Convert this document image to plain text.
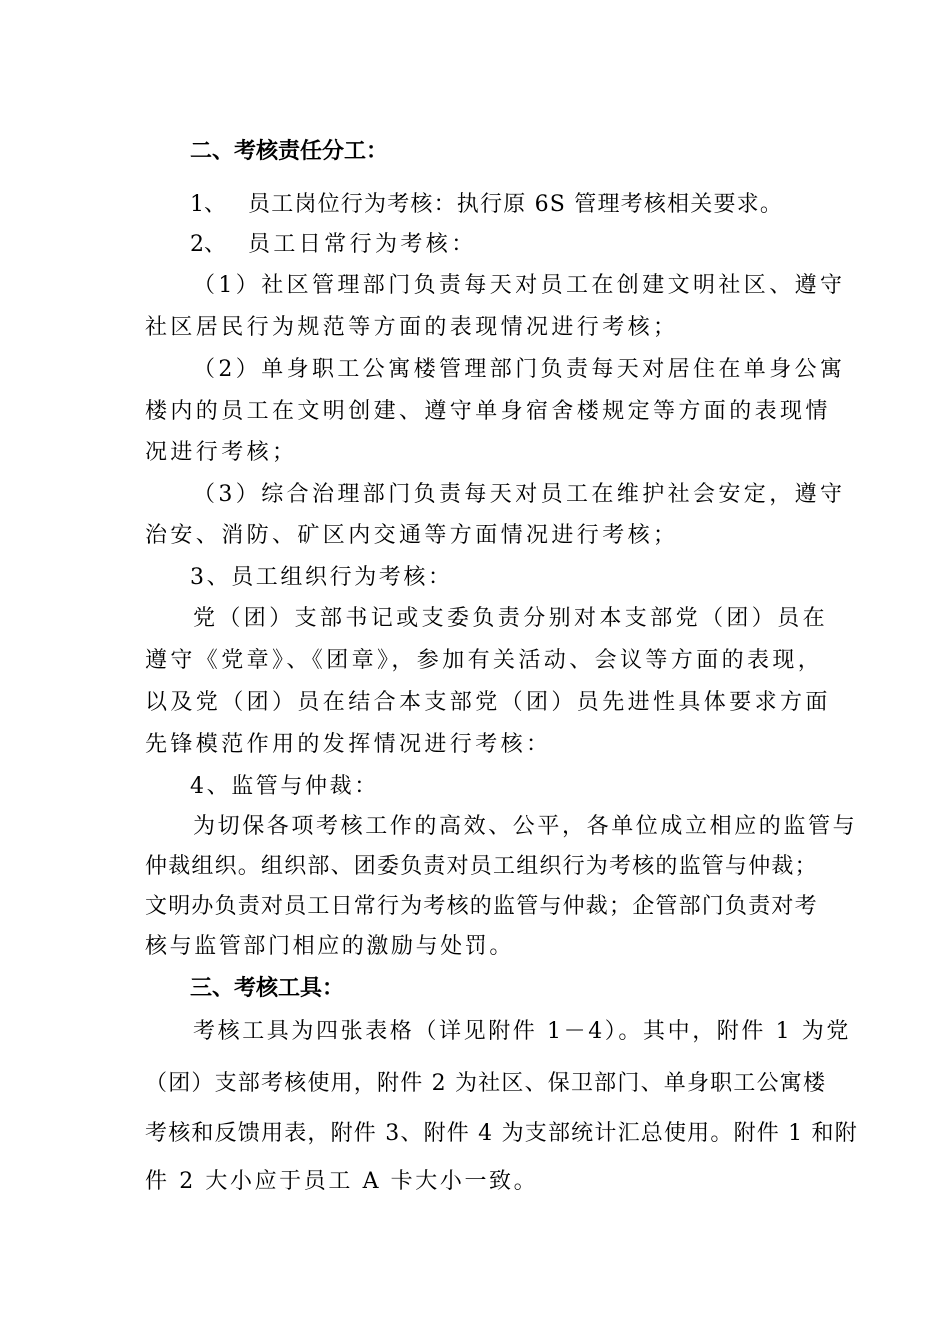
二、考核责任分工：
1、 员工岗位行为考核：执行原 6S 管理考核相关要求。
2、 员工日常行为考核：
（1）社区管理部门负责每天对员工在创建文明社区、遵守
社区居民行为规范等方面的表现情况进行考核；
（2）单身职工公寓楼管理部门负责每天对居住在单身公寓
楼内的员工在文明创建、遵守单身宿舍楼规定等方面的表现情
况进行考核；
（3）综合治理部门负责每天对员工在维护社会安定，遵守
治安、消防、矿区内交通等方面情况进行考核；
3、员工组织行为考核：
党（团）支部书记或支委负责分别对本支部党（团）员在
遵守《党章》、《团章》，参加有关活动、会议等方面的表现，
以及党（团）员在结合本支部党（团）员先进性具体要求方面
先锋模范作用的发挥情况进行考核：
4、监管与仲裁：
为切保各项考核工作的高效、公平，各单位成立相应的监管与
仲裁组织。组织部、团委负责对员工组织行为考核的监管与仲裁；
文明办负责对员工日常行为考核的监管与仲裁；企管部门负责对考
核与监管部门相应的激励与处罚。
三、考核工具：
考核工具为四张表格（详见附件 1－4）。其中，附件 1 为党
（团）支部考核使用，附件 2 为社区、保卫部门、单身职工公寓楼
考核和反馈用表，附件 3、附件 4 为支部统计汇总使用。附件 1 和附
件 2 大小应于员工 A 卡大小一致。
